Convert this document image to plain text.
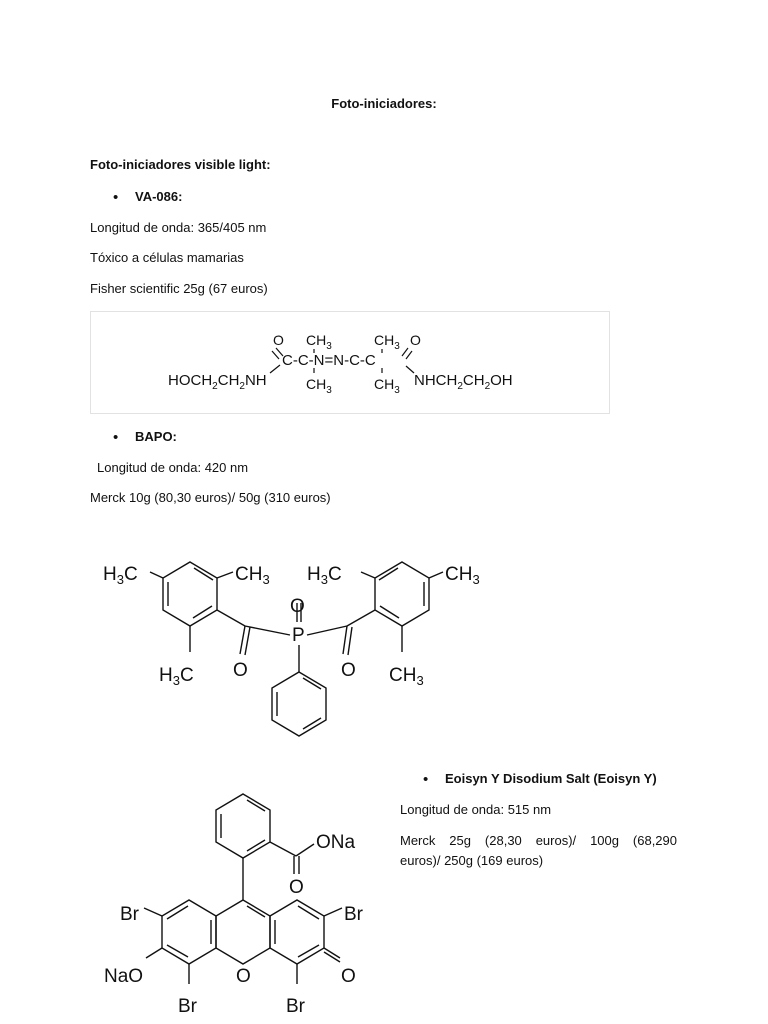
Foto-iniciadores:
Foto-iniciadores visible light:
• VA-086:
Longitud de onda: 365/405 nm
Tóxico a células mamarias
Fisher scientific 25g (67 euros)
$HOCH_2CH_2NH$
O
C-C-N=N-C-C
$CH_3$
$CH_3$
$CH_3$
$CH_3$
O
$NHCH_2CH_2OH$
• BAPO:
Longitud de onda: 420 nm
Merck 10g (80,30 euros)/ 50g (310 euros)
$H_3C$	$CH_3$ $H_3C$	$CH_3$
O
P
O	O
$H_3C$	$CH_3$
• Eoisyn Y Disodium Salt (Eoisyn Y)
Longitud de onda: 515 nm
Merck  25g  (28,30  euros)/  100g  (68,290
euros)/ 250g (169 euros)
ONa
O
Br	Br
NaO	O	O
Br	Br
